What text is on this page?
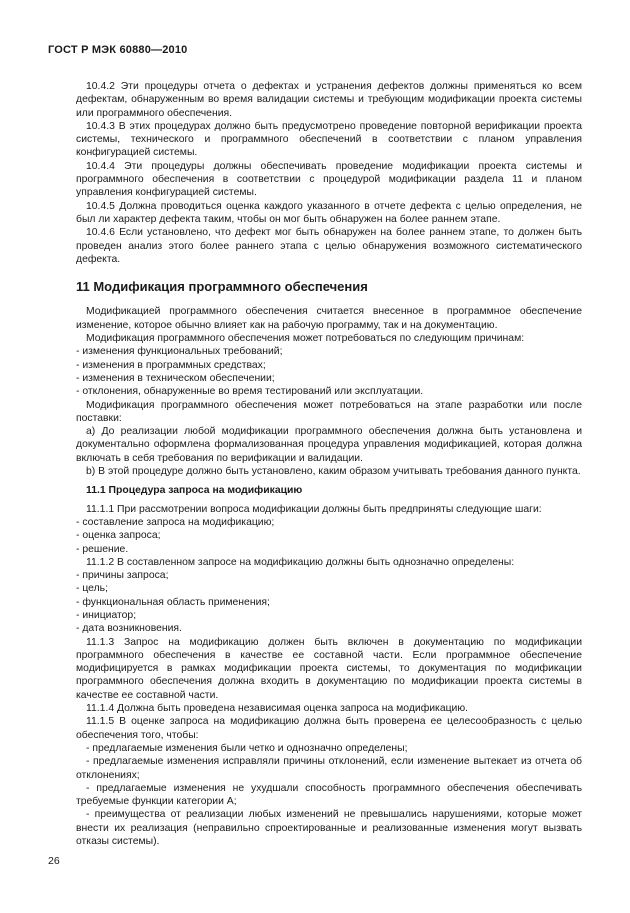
ГОСТ Р МЭК 60880—2010

10.4.2 Эти процедуры отчета о дефектах и устранения дефектов должны применяться ко всем дефектам, обнаруженным во время валидации системы и требующим модификации проекта системы или программного обеспечения.

10.4.3 В этих процедурах должно быть предусмотрено проведение повторной верификации проекта системы, технического и программного обеспечений в соответствии с планом управления конфигурацией системы.

10.4.4 Эти процедуры должны обеспечивать проведение модификации проекта системы и программного обеспечения в соответствии с процедурой модификации раздела 11 и планом управления конфигурацией системы.

10.4.5 Должна проводиться оценка каждого указанного в отчете дефекта с целью определения, не был ли характер дефекта таким, чтобы он мог быть обнаружен на более раннем этапе.

10.4.6 Если установлено, что дефект мог быть обнаружен на более раннем этапе, то должен быть проведен анализ этого более раннего этапа с целью обнаружения возможного систематического дефекта.

11 Модификация программного обеспечения

Модификацией программного обеспечения считается внесенное в программное обеспечение изменение, которое обычно влияет как на рабочую программу, так и на документацию.

Модификация программного обеспечения может потребоваться по следующим причинам:

- изменения функциональных требований;

- изменения в программных средствах;

- изменения в техническом обеспечении;

- отклонения, обнаруженные во время тестирований или эксплуатации.

Модификация программного обеспечения может потребоваться на этапе разработки или после поставки:

a) До реализации любой модификации программного обеспечения должна быть установлена и документально оформлена формализованная процедура управления модификацией, которая должна включать в себя требования по верификации и валидации.

b) В этой процедуре должно быть установлено, каким образом учитывать требования данного пункта.

11.1 Процедура запроса на модификацию

11.1.1 При рассмотрении вопроса модификации должны быть предприняты следующие шаги:

- составление запроса на модификацию;

- оценка запроса;

- решение.

11.1.2 В составленном запросе на модификацию должны быть однозначно определены:

- причины запроса;

- цель;

- функциональная область применения;

- инициатор;

- дата возникновения.

11.1.3 Запрос на модификацию должен быть включен в документацию по модификации программного обеспечения в качестве ее составной части. Если программное обеспечение модифицируется в рамках модификации проекта системы, то документация по модификации программного обеспечения должна входить в документацию по модификации проекта системы в качестве ее составной части.

11.1.4 Должна быть проведена независимая оценка запроса на модификацию.

11.1.5 В оценке запроса на модификацию должна быть проверена ее целесообразность с целью обеспечения того, чтобы:

- предлагаемые изменения были четко и однозначно определены;

- предлагаемые изменения исправляли причины отклонений, если изменение вытекает из отчета об отклонениях;

- предлагаемые изменения не ухудшали способность программного обеспечения обеспечивать требуемые функции категории А;

- преимущества от реализации любых изменений не превышались нарушениями, которые может внести их реализация (неправильно спроектированные и реализованные изменения могут вызвать отказы системы).

26
